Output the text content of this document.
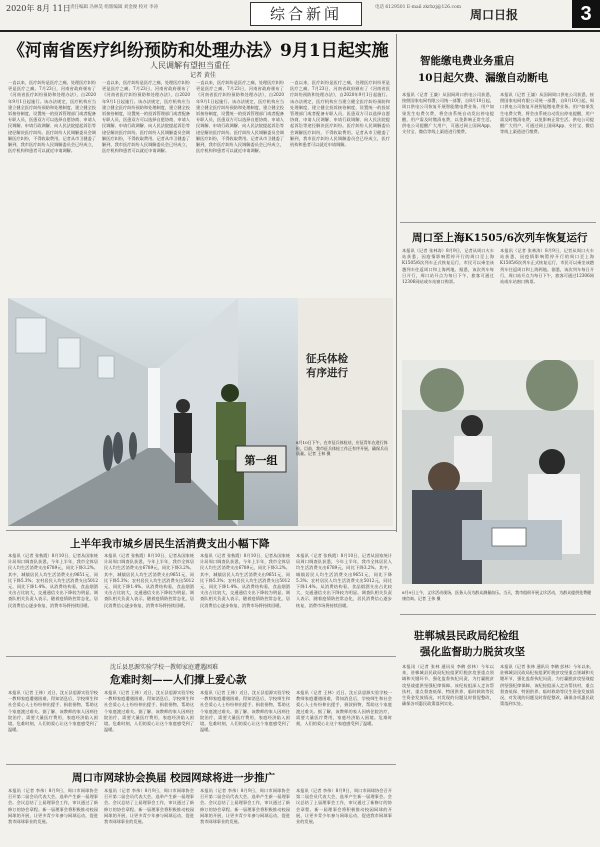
2020年 8月 11日 责任编辑 冯林昊 组版编辑 刘金俊 校对 李涛	综合新闻	电话 6129501 E-mail zkrbzj@126.com
周口日报	3
《河南省医疗纠纷预防和处理办法》9月1日起实施
人民调解有望担当重任
记者 黄佳
一直以来，医疗纠纷是医疗之痛，处理医疗纠纷更是医疗之痛。7月23日，河南省政府颁布了《河南省医疗纠纷预防和处理办法》，自2020年9月1日起施行。该办法规定，医疗机构应当建立健全医疗纠纷预防和处理制度，建立健全投诉接待制度，设置统一的投诉管理部门或者配备专职人员，医患双方可以选择自愿协商、申请人民调解、申请行政调解、向人民法院提起诉讼等途径解决医疗纠纷。医疗纠纷人民调解委员会调解医疗纠纷，不得收取费用。记者从市卫健委了解到，我市医疗纠纷人民调解委员会已经成立，医疗机构和患者可以就近申请调解。
一直以来，医疗纠纷是医疗之痛，处理医疗纠纷更是医疗之痛。7月23日，河南省政府颁布了《河南省医疗纠纷预防和处理办法》，自2020年9月1日起施行。该办法规定，医疗机构应当建立健全医疗纠纷预防和处理制度，建立健全投诉接待制度，设置统一的投诉管理部门或者配备专职人员，医患双方可以选择自愿协商、申请人民调解、申请行政调解、向人民法院提起诉讼等途径解决医疗纠纷。医疗纠纷人民调解委员会调解医疗纠纷，不得收取费用。记者从市卫健委了解到，我市医疗纠纷人民调解委员会已经成立，医疗机构和患者可以就近申请调解。
一直以来，医疗纠纷是医疗之痛，处理医疗纠纷更是医疗之痛。7月23日，河南省政府颁布了《河南省医疗纠纷预防和处理办法》，自2020年9月1日起施行。该办法规定，医疗机构应当建立健全医疗纠纷预防和处理制度，建立健全投诉接待制度，设置统一的投诉管理部门或者配备专职人员，医患双方可以选择自愿协商、申请人民调解、申请行政调解、向人民法院提起诉讼等途径解决医疗纠纷。医疗纠纷人民调解委员会调解医疗纠纷，不得收取费用。记者从市卫健委了解到，我市医疗纠纷人民调解委员会已经成立，医疗机构和患者可以就近申请调解。
一直以来，医疗纠纷是医疗之痛，处理医疗纠纷更是医疗之痛。7月23日，河南省政府颁布了《河南省医疗纠纷预防和处理办法》，自2020年9月1日起施行。该办法规定，医疗机构应当建立健全医疗纠纷预防和处理制度，建立健全投诉接待制度，设置统一的投诉管理部门或者配备专职人员，医患双方可以选择自愿协商、申请人民调解、申请行政调解、向人民法院提起诉讼等途径解决医疗纠纷。医疗纠纷人民调解委员会调解医疗纠纷，不得收取费用。记者从市卫健委了解到，我市医疗纠纷人民调解委员会已经成立，医疗机构和患者可以就近申请调解。
智能缴电费业务重启
10日起欠费、漏缴自动断电
本报讯（记者 王谦）从国网周口供电公司获悉，按照国家电网有限公司统一部署，自8月10日起，周口供电公司恢复开展智能缴电费业务。用户如果发生电费欠费，将会由系统自动发出停电提醒，用户需及时缴清电费，以免影响正常生活。供电公司提醒广大用户，可通过网上国网App、支付宝、微信等线上渠道进行缴费。
本报讯（记者 王谦）从国网周口供电公司获悉，按照国家电网有限公司统一部署，自8月10日起，周口供电公司恢复开展智能缴电费业务。用户如果发生电费欠费，将会由系统自动发出停电提醒，用户需及时缴清电费，以免影响正常生活。供电公司提醒广大用户，可通过网上国网App、支付宝、微信等线上渠道进行缴费。
周口至上海K1505/6次列车恢复运行
本报讯（记者 张林涛）8月9日，记者从周口火车站获悉，因疫情影响暂停开行的周口至上海K1505/6次列车正式恢复运行，市民可以乘坐该趟列车往返周口和上海两地。据悉，该次列车每日开行，周口站开点为每日下午，旅客可通过12306网站或车站窗口购票。
本报讯（记者 张林涛）8月9日，记者从周口火车站获悉，因疫情影响暂停开行的周口至上海K1505/6次列车正式恢复运行，市民可以乘坐该趟列车往返周口和上海两地。据悉，该次列车每日开行，周口站开点为每日下午，旅客可通过12306网站或车站窗口购票。
第一组
征兵体检
有序进行
8月10日下午，在市征兵体检站，应征青年在进行体检。目前，我市征兵体检工作正有序开展，确保兵员质量。记者 王林 摄
8月9日上午，义诊活动现场，医务人员为群众测量血压。当天，我市组织开展义诊活动，为群众提供免费健康咨询。记者 王伟 摄
上半年我市城乡居民生活消费支出小幅下降
本报讯（记者 张秋霞）8月10日，记者从国家统计局周口调查队获悉，今年上半年，我市全体居民人均生活消费支出6789元，同比下降3.2%。其中，城镇居民人均生活消费支出9651元，同比下降5.3%；农村居民人均生活消费支出5012元，同比下降1.4%。从消费结构看，食品烟酒支出占比较大，交通通信支出下降较为明显。调查队相关负责人表示，随着疫情防控常态化，居民消费信心逐步恢复，消费市场将持续回暖。
本报讯（记者 张秋霞）8月10日，记者从国家统计局周口调查队获悉，今年上半年，我市全体居民人均生活消费支出6789元，同比下降3.2%。其中，城镇居民人均生活消费支出9651元，同比下降5.3%；农村居民人均生活消费支出5012元，同比下降1.4%。从消费结构看，食品烟酒支出占比较大，交通通信支出下降较为明显。调查队相关负责人表示，随着疫情防控常态化，居民消费信心逐步恢复，消费市场将持续回暖。
本报讯（记者 张秋霞）8月10日，记者从国家统计局周口调查队获悉，今年上半年，我市全体居民人均生活消费支出6789元，同比下降3.2%。其中，城镇居民人均生活消费支出9651元，同比下降5.3%；农村居民人均生活消费支出5012元，同比下降1.4%。从消费结构看，食品烟酒支出占比较大，交通通信支出下降较为明显。调查队相关负责人表示，随着疫情防控常态化，居民消费信心逐步恢复，消费市场将持续回暖。
本报讯（记者 张秋霞）8月10日，记者从国家统计局周口调查队获悉，今年上半年，我市全体居民人均生活消费支出6789元，同比下降3.2%。其中，城镇居民人均生活消费支出9651元，同比下降5.3%；农村居民人均生活消费支出5012元，同比下降1.4%。从消费结构看，食品烟酒支出占比较大，交通通信支出下降较为明显。调查队相关负责人表示，随着疫情防控常态化，居民消费信心逐步恢复，消费市场将持续回暖。
沈丘县思源实验学校一教师家庭遭遇困难
危难时刻——人们撑上爱心款
本报讯（记者 王林）近日，沈丘县思源实验学校一教师家庭遭遇困难，得知消息后，学校师生和社会爱心人士纷纷伸出援手，捐款捐物，帮助这个家庭渡过难关。据了解，该教师的家人因病住院治疗，需要大量医疗费用，家庭经济陷入困境。危难时刻，人们的爱心让这个家庭感受到了温暖。
本报讯（记者 王林）近日，沈丘县思源实验学校一教师家庭遭遇困难，得知消息后，学校师生和社会爱心人士纷纷伸出援手，捐款捐物，帮助这个家庭渡过难关。据了解，该教师的家人因病住院治疗，需要大量医疗费用，家庭经济陷入困境。危难时刻，人们的爱心让这个家庭感受到了温暖。
本报讯（记者 王林）近日，沈丘县思源实验学校一教师家庭遭遇困难，得知消息后，学校师生和社会爱心人士纷纷伸出援手，捐款捐物，帮助这个家庭渡过难关。据了解，该教师的家人因病住院治疗，需要大量医疗费用，家庭经济陷入困境。危难时刻，人们的爱心让这个家庭感受到了温暖。
本报讯（记者 王林）近日，沈丘县思源实验学校一教师家庭遭遇困难，得知消息后，学校师生和社会爱心人士纷纷伸出援手，捐款捐物，帮助这个家庭渡过难关。据了解，该教师的家人因病住院治疗，需要大量医疗费用，家庭经济陷入困境。危难时刻，人们的爱心让这个家庭感受到了温暖。
周口市网球协会换届 校园网球将进一步推广
本报讯（记者 李伟）8月9日，周口市网球协会召开第二届会员代表大会，选举产生新一届理事会。会议总结了上届理事会工作，审议通过了新修订的协会章程。新一届理事会将积极推动校园网球的开展，让更多青少年参与网球运动，促进我市网球事业的发展。
本报讯（记者 李伟）8月9日，周口市网球协会召开第二届会员代表大会，选举产生新一届理事会。会议总结了上届理事会工作，审议通过了新修订的协会章程。新一届理事会将积极推动校园网球的开展，让更多青少年参与网球运动，促进我市网球事业的发展。
本报讯（记者 李伟）8月9日，周口市网球协会召开第二届会员代表大会，选举产生新一届理事会。会议总结了上届理事会工作，审议通过了新修订的协会章程。新一届理事会将积极推动校园网球的开展，让更多青少年参与网球运动，促进我市网球事业的发展。
本报讯（记者 李伟）8月9日，周口市网球协会召开第二届会员代表大会，选举产生新一届理事会。会议总结了上届理事会工作，审议通过了新修订的协会章程。新一届理事会将积极推动校园网球的开展，让更多青少年参与网球运动，促进我市网球事业的发展。
驻郸城县民政局纪检组
强化监督助力脱贫攻坚
本报讯（记者 张林 通讯员 李鹤 彭林）今年以来，驻郸城县民政局纪检组紧盯脱贫攻坚重点领域和关键环节，强化监督执纪问责，为打赢脱贫攻坚战提供坚强纪律保障。该纪检组深入走访帮扶村，重点督查低保、特困供养、临时救助等民生资金发放情况，对发现的问题及时督促整改，确保各项惠民政策落到实处。
本报讯（记者 张林 通讯员 李鹤 彭林）今年以来，驻郸城县民政局纪检组紧盯脱贫攻坚重点领域和关键环节，强化监督执纪问责，为打赢脱贫攻坚战提供坚强纪律保障。该纪检组深入走访帮扶村，重点督查低保、特困供养、临时救助等民生资金发放情况，对发现的问题及时督促整改，确保各项惠民政策落到实处。
